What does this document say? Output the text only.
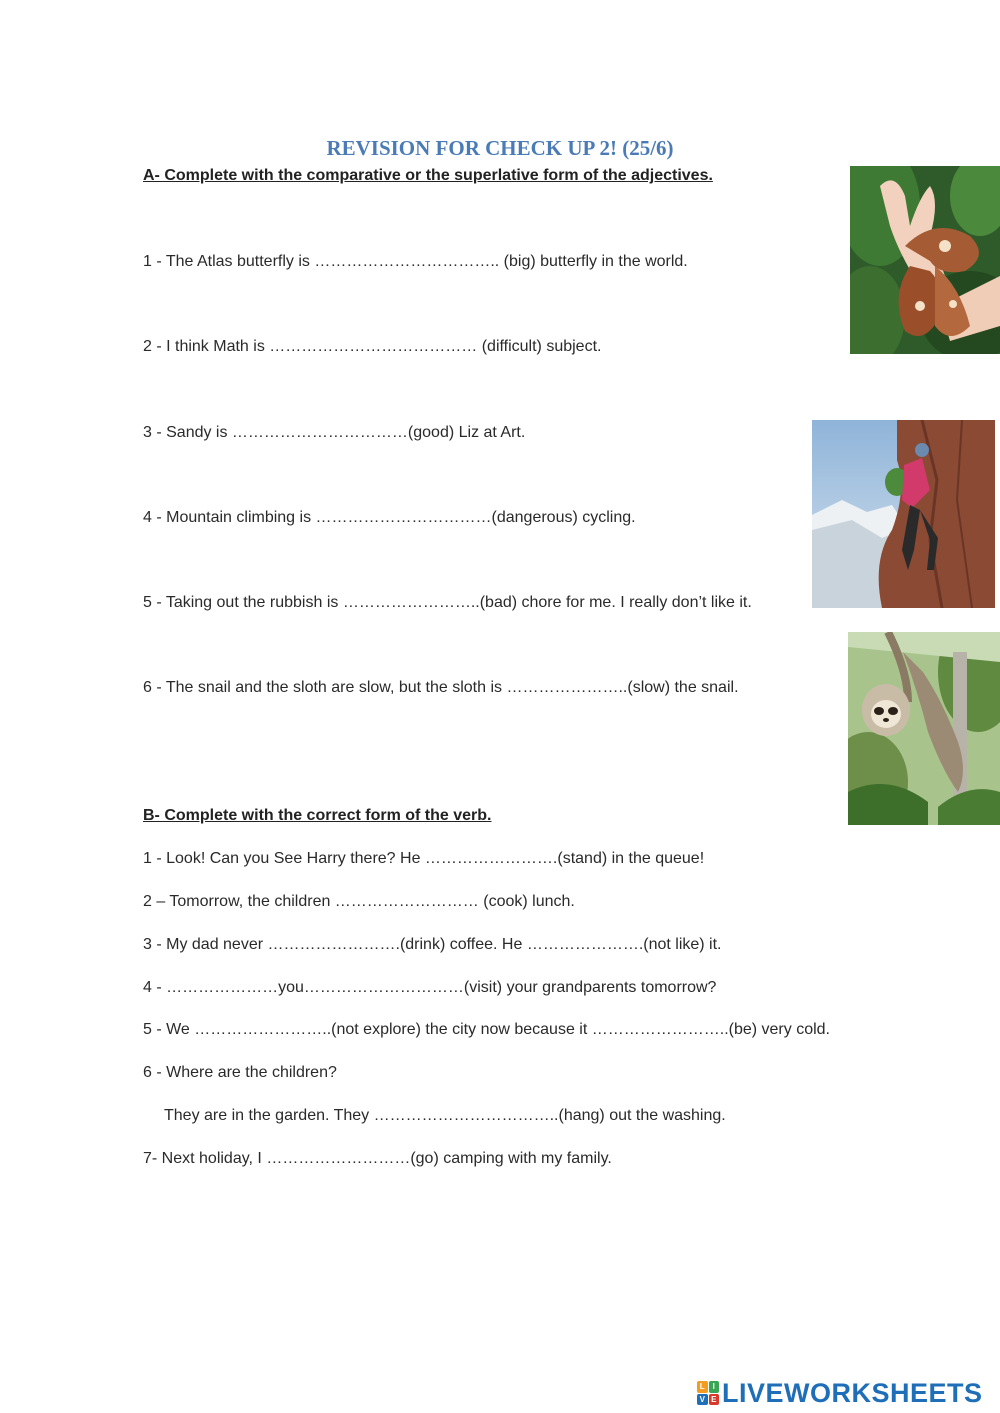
REVISION FOR CHECK UP 2! (25/6)
A- Complete with the comparative or the superlative form of the adjectives.
1 - The Atlas butterfly is …………………………….. (big) butterfly in the world.
2 - I think Math is ………………………………… (difficult) subject.
3 - Sandy is ……………………………(good) Liz at Art.
4 - Mountain climbing is ……………………………(dangerous) cycling.
5 - Taking out the rubbish is ……………………..(bad) chore for me. I really don’t like it.
6 - The snail and the sloth are slow, but the sloth is …………………..(slow) the snail.
B- Complete with the correct form of the verb.
1 - Look! Can you See Harry there? He …………………….(stand) in the queue!
2 – Tomorrow, the children ……………………… (cook) lunch.
3 - My dad never …………………….(drink) coffee. He ………………….(not like) it.
4 - …………………you…………………………(visit) your grandparents tomorrow?
5 - We ……………………..(not explore) the city now because it ……………………..(be) very cold.
6 - Where are the children?
They are in the garden. They ……………………………..(hang) out the washing.
7- Next holiday, I ………………………(go) camping with my family.
L I
V E LIVEWORKSHEETS
